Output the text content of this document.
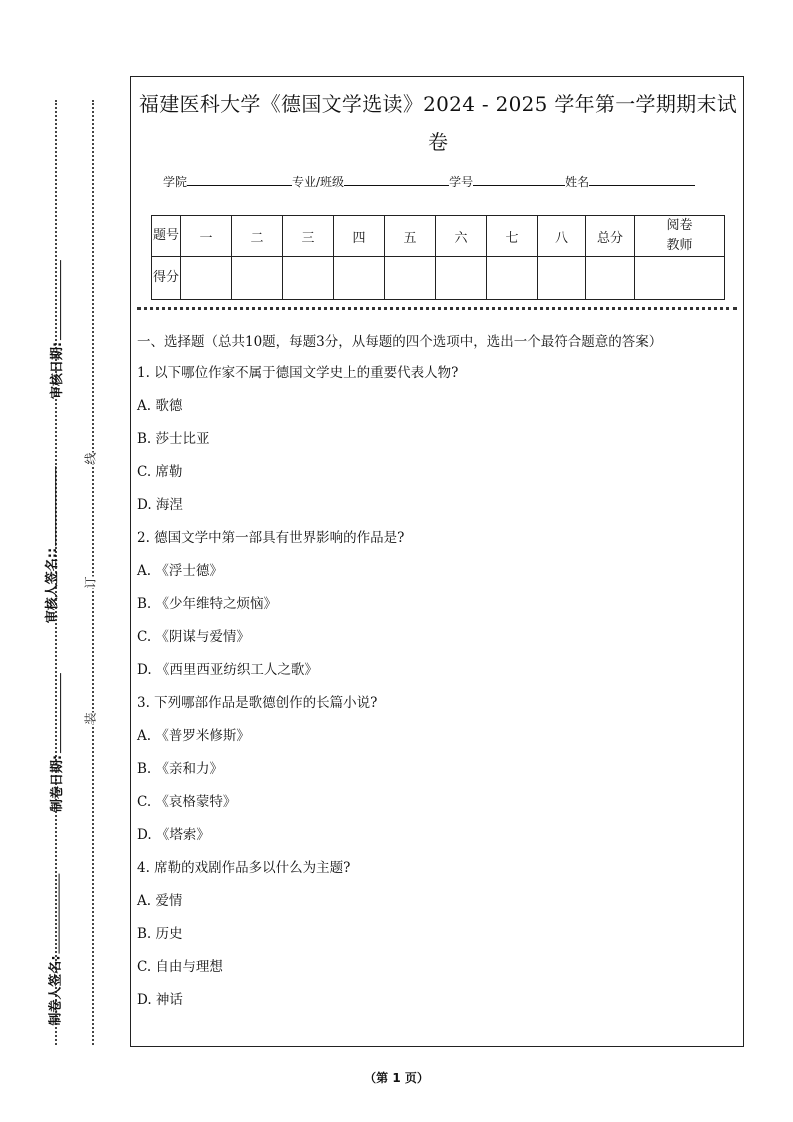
审核日期:
审核人签名::
制卷日期:
制卷人签名:
线
订
装
福建医科大学《德国文学选读》2024 - 2025 学年第一学期期末试
卷
学院	专业/班级	学号	姓名
题号	一	二	三	四	五	六	七	八	总分	阅卷教师
得分										
一、选择题（总共10题，每题3分，从每题的四个选项中，选出一个最符合题意的答案）
1. 以下哪位作家不属于德国文学史上的重要代表人物?
A. 歌德
B. 莎士比亚
C. 席勒
D. 海涅
2. 德国文学中第一部具有世界影响的作品是?
A. 《浮士德》
B. 《少年维特之烦恼》
C. 《阴谋与爱情》
D. 《西里西亚纺织工人之歌》
3. 下列哪部作品是歌德创作的长篇小说?
A. 《普罗米修斯》
B. 《亲和力》
C. 《哀格蒙特》
D. 《塔索》
4. 席勒的戏剧作品多以什么为主题?
A. 爱情
B. 历史
C. 自由与理想
D. 神话
（第 1 页）
